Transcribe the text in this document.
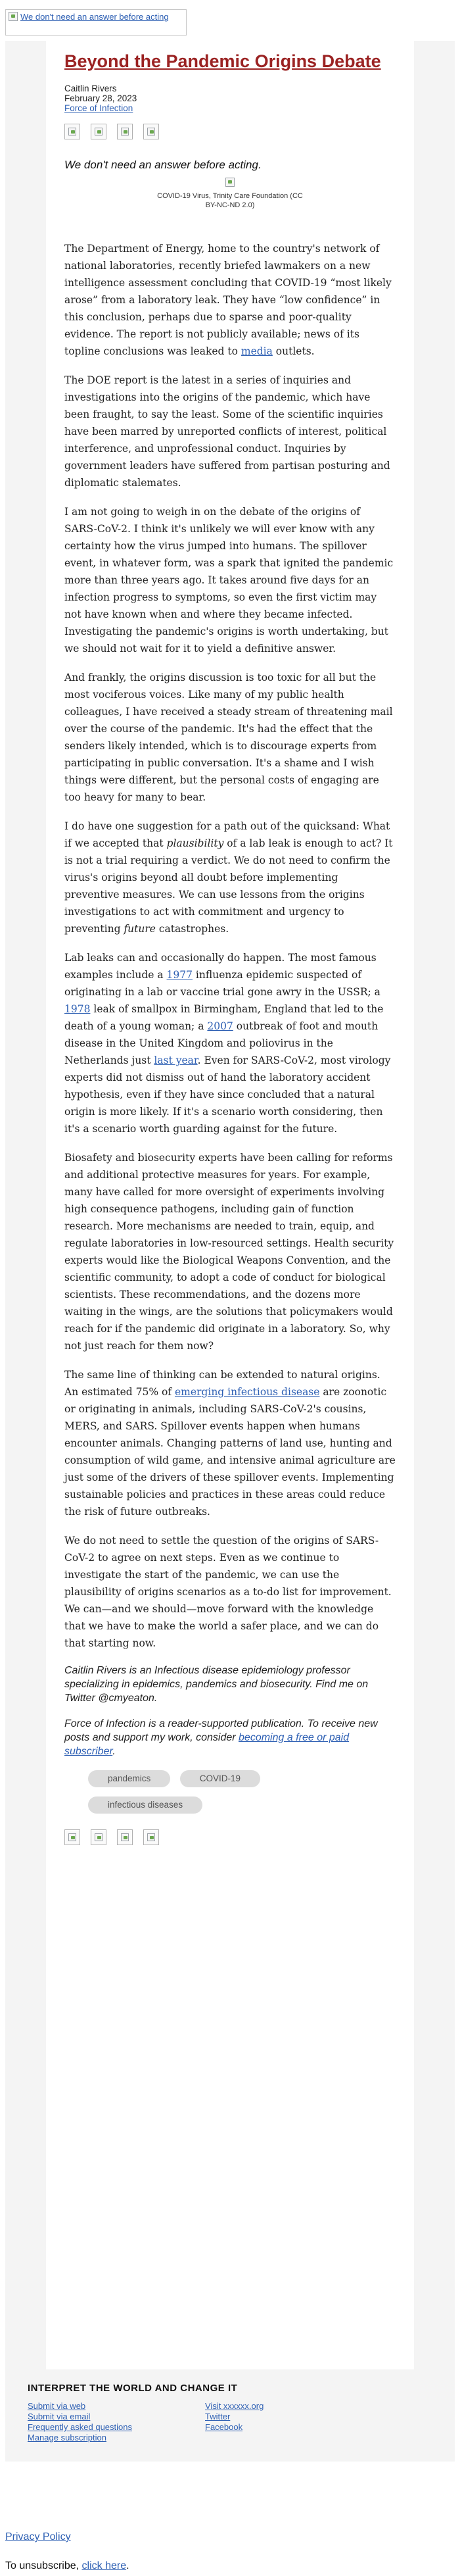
We don't need an answer before acting
Beyond the Pandemic Origins Debate
Caitlin Rivers
February 28, 2023
Force of Infection
We don't need an answer before acting.
COVID-19 Virus, Trinity Care Foundation (CC BY-NC-ND 2.0)

The Department of Energy, home to the country's network of national laboratories, recently briefed lawmakers on a new intelligence assessment concluding that COVID-19 “most likely arose” from a laboratory leak. They have “low confidence” in this conclusion, perhaps due to sparse and poor-quality evidence. The report is not publicly available; news of its topline conclusions was leaked to media outlets.

The DOE report is the latest in a series of inquiries and investigations into the origins of the pandemic, which have been fraught, to say the least. Some of the scientific inquiries have been marred by unreported conflicts of interest, political interference, and unprofessional conduct. Inquiries by government leaders have suffered from partisan posturing and diplomatic stalemates.

I am not going to weigh in on the debate of the origins of SARS-CoV-2. I think it's unlikely we will ever know with any certainty how the virus jumped into humans. The spillover event, in whatever form, was a spark that ignited the pandemic more than three years ago. It takes around five days for an infection progress to symptoms, so even the first victim may not have known when and where they became infected. Investigating the pandemic's origins is worth undertaking, but we should not wait for it to yield a definitive answer.

And frankly, the origins discussion is too toxic for all but the most vociferous voices. Like many of my public health colleagues, I have received a steady stream of threatening mail over the course of the pandemic. It's had the effect that the senders likely intended, which is to discourage experts from participating in public conversation. It's a shame and I wish things were different, but the personal costs of engaging are too heavy for many to bear.

I do have one suggestion for a path out of the quicksand: What if we accepted that plausibility of a lab leak is enough to act? It is not a trial requiring a verdict. We do not need to confirm the virus's origins beyond all doubt before implementing preventive measures. We can use lessons from the origins investigations to act with commitment and urgency to preventing future catastrophes.

Lab leaks can and occasionally do happen. The most famous examples include a 1977 influenza epidemic suspected of originating in a lab or vaccine trial gone awry in the USSR; a 1978 leak of smallpox in Birmingham, England that led to the death of a young woman; a 2007 outbreak of foot and mouth disease in the United Kingdom and poliovirus in the Netherlands just last year. Even for SARS-CoV-2, most virology experts did not dismiss out of hand the laboratory accident hypothesis, even if they have since concluded that a natural origin is more likely. If it's a scenario worth considering, then it's a scenario worth guarding against for the future.

Biosafety and biosecurity experts have been calling for reforms and additional protective measures for years. For example, many have called for more oversight of experiments involving high consequence pathogens, including gain of function research. More mechanisms are needed to train, equip, and regulate laboratories in low-resourced settings. Health security experts would like the Biological Weapons Convention, and the scientific community, to adopt a code of conduct for biological scientists. These recommendations, and the dozens more waiting in the wings, are the solutions that policymakers would reach for if the pandemic did originate in a laboratory. So, why not just reach for them now?

The same line of thinking can be extended to natural origins. An estimated 75% of emerging infectious disease are zoonotic or originating in animals, including SARS-CoV-2's cousins, MERS, and SARS. Spillover events happen when humans encounter animals. Changing patterns of land use, hunting and consumption of wild game, and intensive animal agriculture are just some of the drivers of these spillover events. Implementing sustainable policies and practices in these areas could reduce the risk of future outbreaks.

We do not need to settle the question of the origins of SARS-CoV-2 to agree on next steps. Even as we continue to investigate the start of the pandemic, we can use the plausibility of origins scenarios as a to-do list for improvement. We can—and we should—move forward with the knowledge that we have to make the world a safer place, and we can do that starting now.

Caitlin Rivers is an Infectious disease epidemiology professor specializing in epidemics, pandemics and biosecurity. Find me on Twitter @cmyeaton.

Force of Infection is a reader-supported publication. To receive new posts and support my work, consider becoming a free or paid subscriber.

pandemics	COVID-19
infectious diseases
INTERPRET THE WORLD AND CHANGE IT
Submit via web
Submit via email
Frequently asked questions
Manage subscription
Visit xxxxxx.org
Twitter
Facebook
Privacy Policy
To unsubscribe, click here.
